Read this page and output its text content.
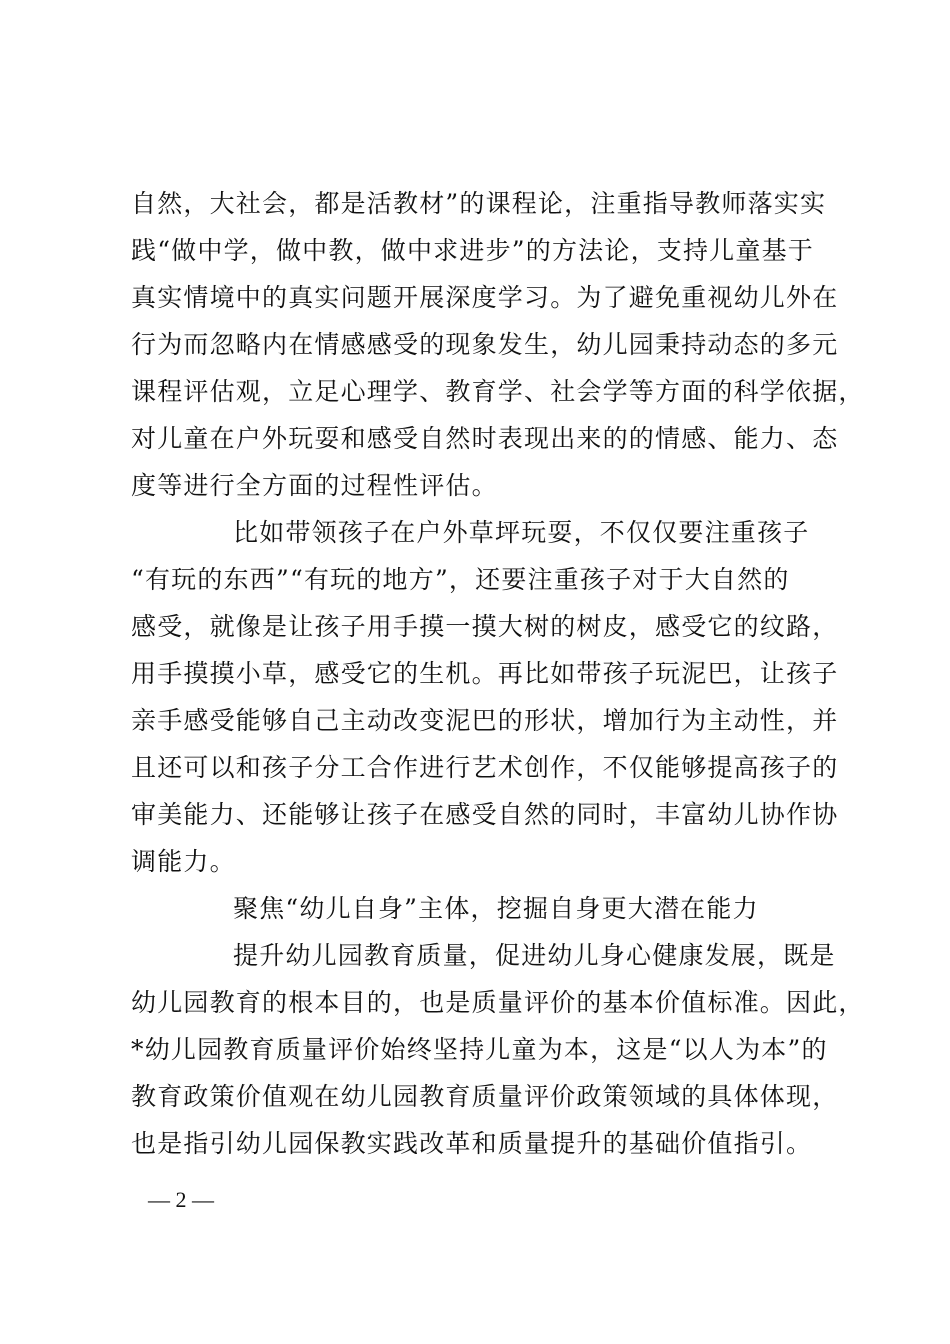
自然，大社会，都是活教材”的课程论，注重指导教师落实实
践“做中学，做中教，做中求进步”的方法论，支持儿童基于
真实情境中的真实问题开展深度学习。为了避免重视幼儿外在
行为而忽略内在情感感受的现象发生，幼儿园秉持动态的多元
课程评估观，立足心理学、教育学、社会学等方面的科学依据，
对儿童在户外玩耍和感受自然时表现出来的的情感、能力、态
度等进行全方面的过程性评估。
比如带领孩子在户外草坪玩耍，不仅仅要注重孩子
“有玩的东西”“有玩的地方”，还要注重孩子对于大自然的
感受，就像是让孩子用手摸一摸大树的树皮，感受它的纹路，
用手摸摸小草，感受它的生机。再比如带孩子玩泥巴，让孩子
亲手感受能够自己主动改变泥巴的形状，增加行为主动性，并
且还可以和孩子分工合作进行艺术创作，不仅能够提高孩子的
审美能力、还能够让孩子在感受自然的同时，丰富幼儿协作协
调能力。
聚焦“幼儿自身”主体，挖掘自身更大潜在能力
提升幼儿园教育质量，促进幼儿身心健康发展，既是
幼儿园教育的根本目的，也是质量评价的基本价值标准。因此，
*幼儿园教育质量评价始终坚持儿童为本，这是“以人为本”的
教育政策价值观在幼儿园教育质量评价政策领域的具体体现，
也是指引幼儿园保教实践改革和质量提升的基础价值指引。
— 2 —
